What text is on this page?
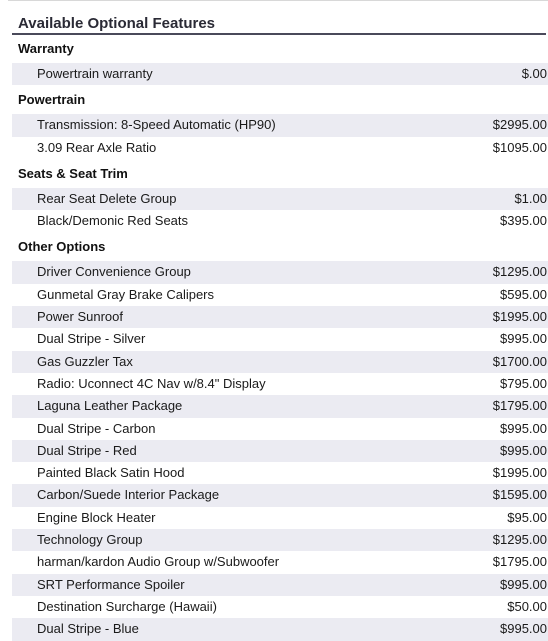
Available Optional Features
Warranty
Powertrain warranty	$.00
Powertrain
Transmission: 8-Speed Automatic (HP90)	$2995.00
3.09 Rear Axle Ratio	$1095.00
Seats & Seat Trim
Rear Seat Delete Group	$1.00
Black/Demonic Red Seats	$395.00
Other Options
Driver Convenience Group	$1295.00
Gunmetal Gray Brake Calipers	$595.00
Power Sunroof	$1995.00
Dual Stripe - Silver	$995.00
Gas Guzzler Tax	$1700.00
Radio: Uconnect 4C Nav w/8.4" Display	$795.00
Laguna Leather Package	$1795.00
Dual Stripe - Carbon	$995.00
Dual Stripe - Red	$995.00
Painted Black Satin Hood	$1995.00
Carbon/Suede Interior Package	$1595.00
Engine Block Heater	$95.00
Technology Group	$1295.00
harman/kardon Audio Group w/Subwoofer	$1795.00
SRT Performance Spoiler	$995.00
Destination Surcharge (Hawaii)	$50.00
Dual Stripe - Blue	$995.00
